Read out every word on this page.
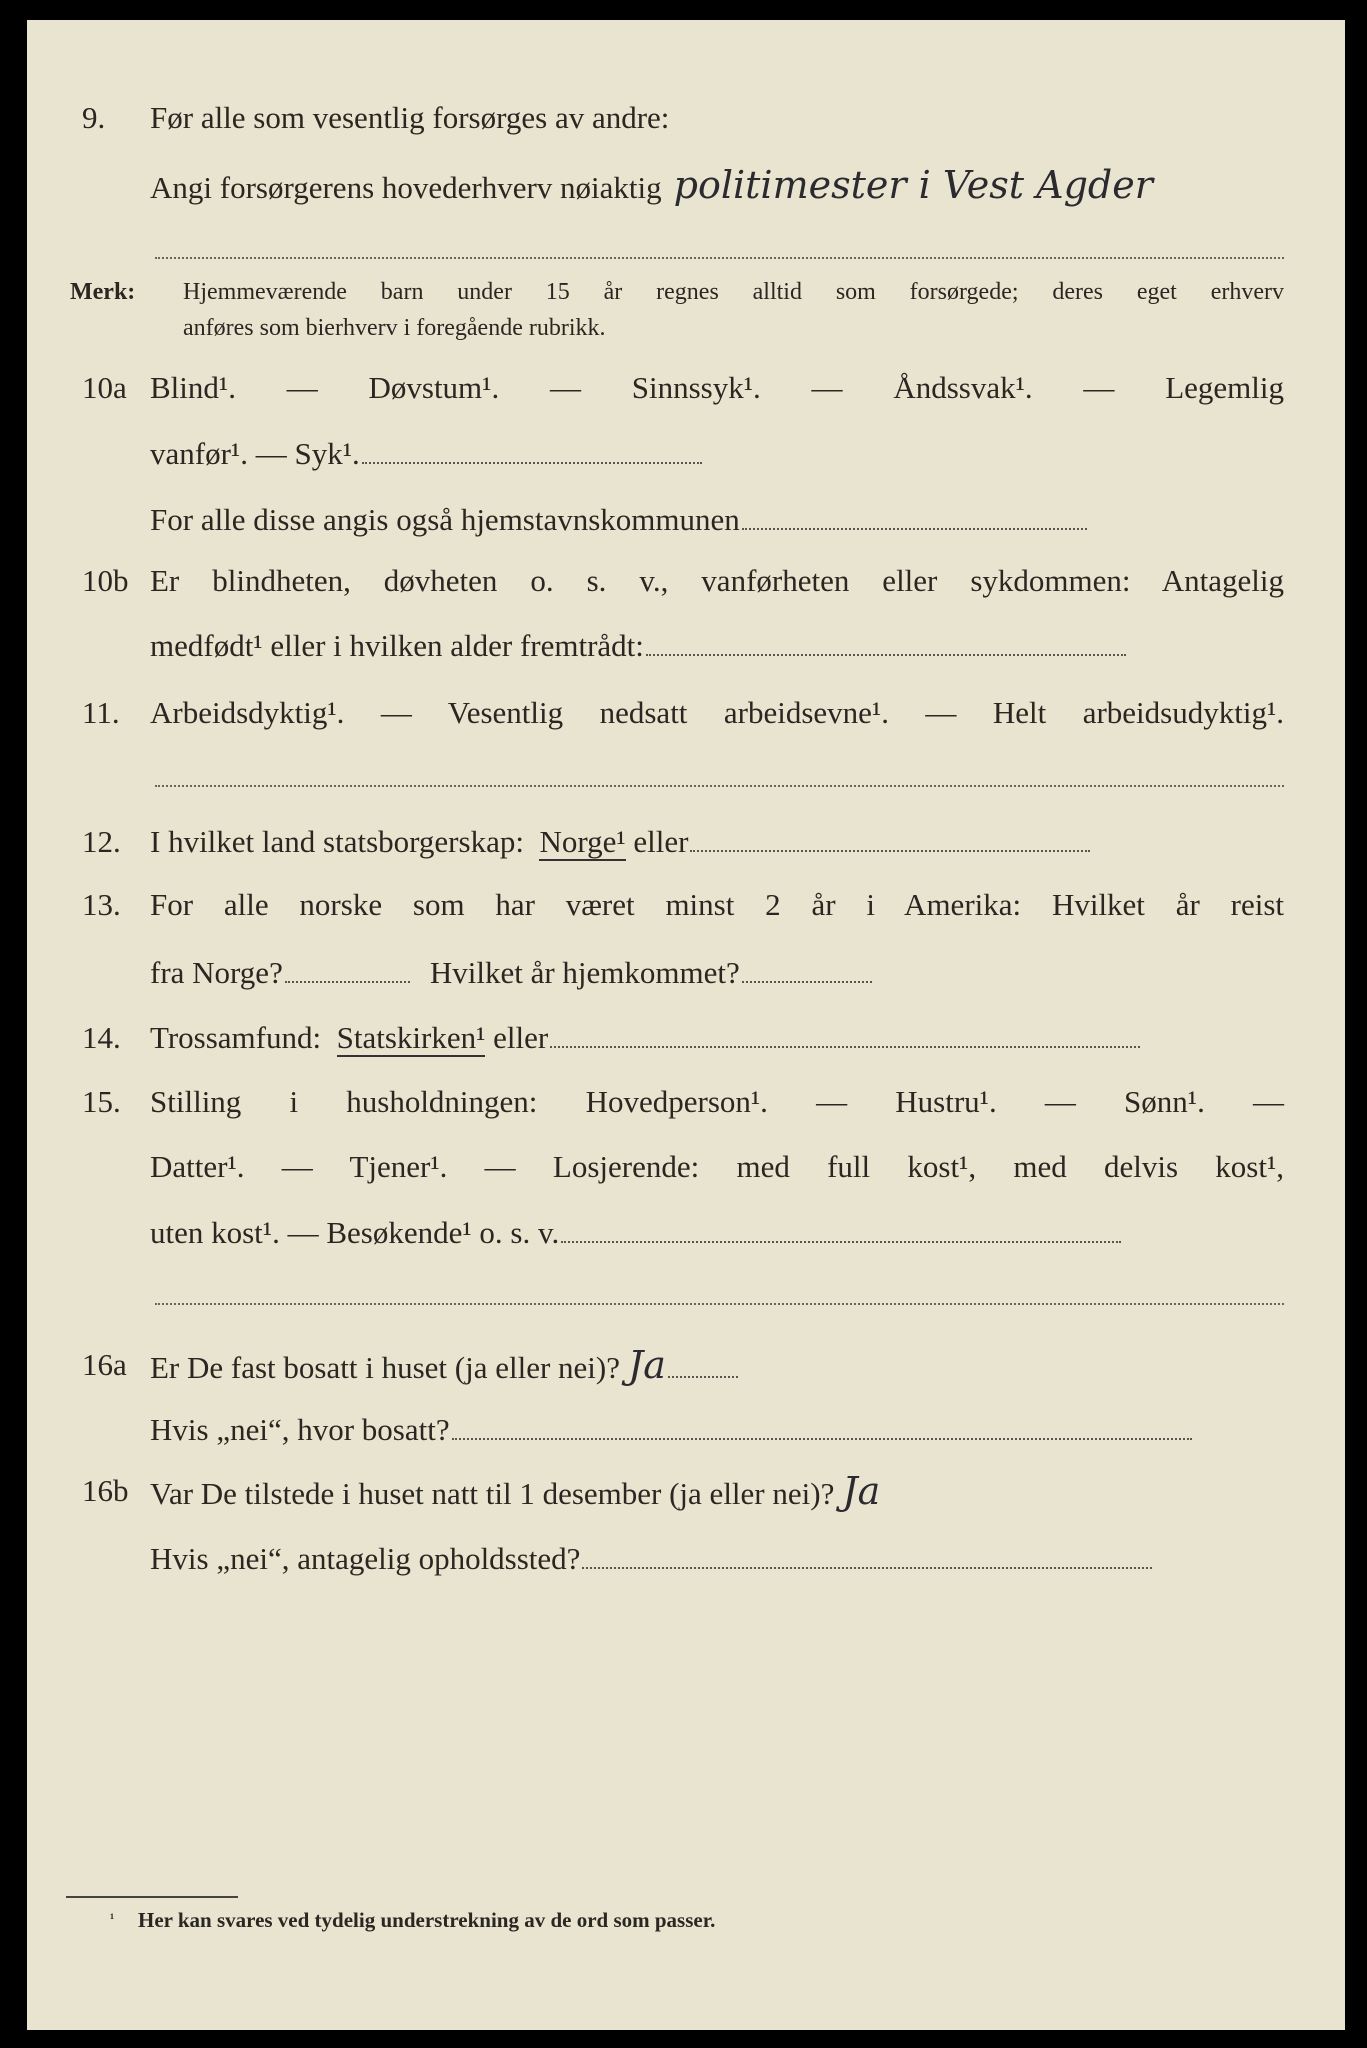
9. Før alle som vesentlig forsørges av andre:
Angi forsørgerens hovederhverv nøiaktig politimester i Vest Agder
Merk: Hjemmeværende barn under 15 år regnes alltid som forsørgede; deres eget erhverv
anføres som bierhverv i foregående rubrikk.
10a Blind¹. — Døvstum¹. — Sinnssyk¹. — Åndssvak¹. — Legemlig
vanfør¹. — Syk¹.
For alle disse angis også hjemstavnskommunen
10b Er blindheten, døvheten o. s. v., vanførheten eller sykdommen: Antagelig
medfødt¹ eller i hvilken alder fremtrådt:
11. Arbeidsdyktig¹. — Vesentlig nedsatt arbeidsevne¹. — Helt arbeidsudyktig¹.
12. I hvilket land statsborgerskap: Norge¹ eller
13. For alle norske som har været minst 2 år i Amerika: Hvilket år reist
fra Norge?	Hvilket år hjemkommet?
14. Trossamfund: Statskirken¹ eller
15. Stilling i husholdningen: Hovedperson¹. — Hustru¹. — Sønn¹. —
Datter¹. — Tjener¹. — Losjerende: med full kost¹, med delvis kost¹,
uten kost¹. — Besøkende¹ o. s. v.
16a Er De fast bosatt i huset (ja eller nei)? Ja
Hvis „nei“, hvor bosatt?
16b Var De tilstede i huset natt til 1 desember (ja eller nei)? Ja
Hvis „nei“, antagelig opholdssted?
¹ Her kan svares ved tydelig understrekning av de ord som passer.
